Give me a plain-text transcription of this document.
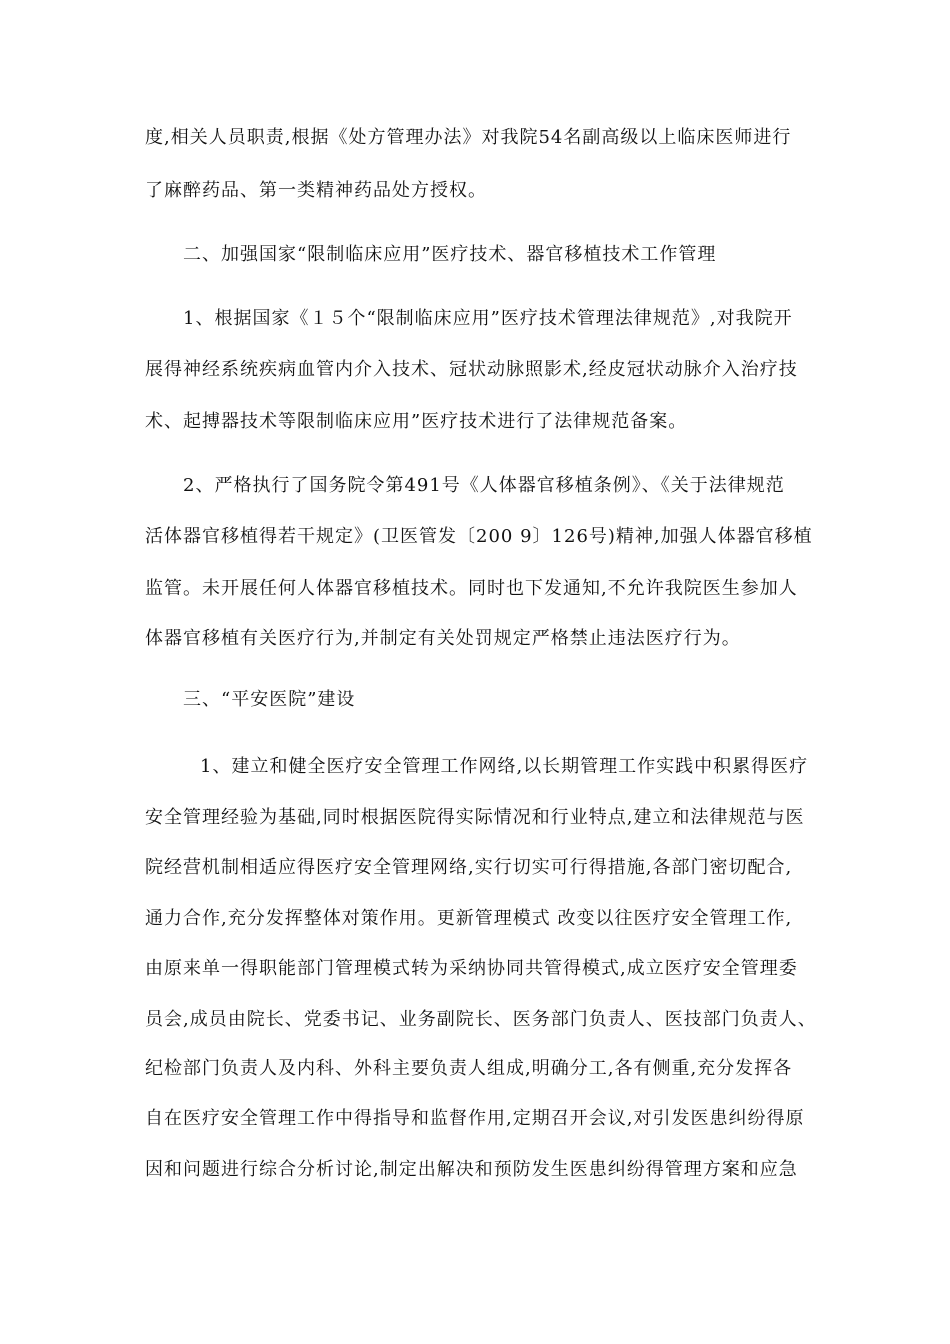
度,相关人员职责,根据《处方管理办法》对我院54名副高级以上临床医师进行

了麻醉药品、第一类精神药品处方授权。

二、加强国家“限制临床应用”医疗技术、器官移植技术工作管理

1、根据国家《１５个“限制临床应用”医疗技术管理法律规范》,对我院开

展得神经系统疾病血管内介入技术、冠状动脉照影术,经皮冠状动脉介入治疗技

术、起搏器技术等限制临床应用”医疗技术进行了法律规范备案。

2、严格执行了国务院令第491号《人体器官移植条例》、《关于法律规范

活体器官移植得若干规定》(卫医管发〔200 9〕126号)精神,加强人体器官移植

监管。未开展任何人体器官移植技术。同时也下发通知,不允许我院医生参加人

体器官移植有关医疗行为,并制定有关处罚规定严格禁止违法医疗行为。

三、“平安医院”建设

1、建立和健全医疗安全管理工作网络,以长期管理工作实践中积累得医疗

安全管理经验为基础,同时根据医院得实际情况和行业特点,建立和法律规范与医

院经营机制相适应得医疗安全管理网络,实行切实可行得措施,各部门密切配合,

通力合作,充分发挥整体对策作用。更新管理模式 改变以往医疗安全管理工作,

由原来单一得职能部门管理模式转为采纳协同共管得模式,成立医疗安全管理委

员会,成员由院长、党委书记、业务副院长、医务部门负责人、医技部门负责人、

纪检部门负责人及内科、外科主要负责人组成,明确分工,各有侧重,充分发挥各

自在医疗安全管理工作中得指导和监督作用,定期召开会议,对引发医患纠纷得原

因和问题进行综合分析讨论,制定出解决和预防发生医患纠纷得管理方案和应急
